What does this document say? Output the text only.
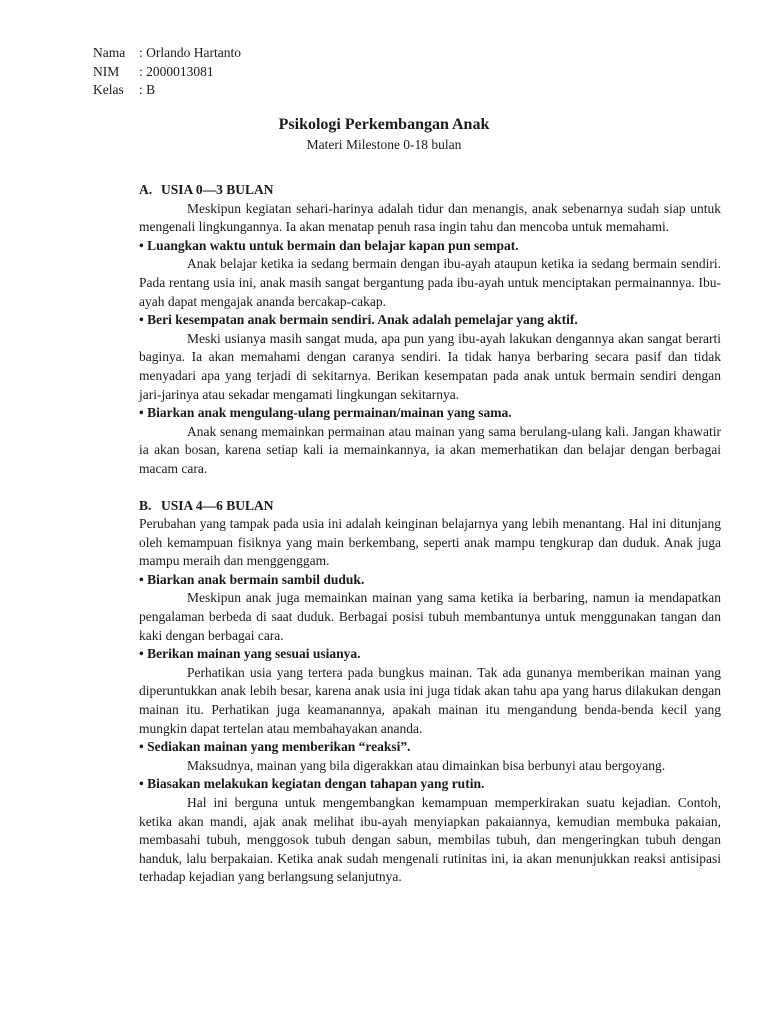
Nama	: Orlando Hartanto
NIM	: 2000013081
Kelas	: B
Psikologi Perkembangan Anak
Materi Milestone 0-18 bulan

A. USIA 0—3 BULAN

Meskipun kegiatan sehari-harinya adalah tidur dan menangis, anak sebenarnya sudah siap untuk mengenali lingkungannya. Ia akan menatap penuh rasa ingin tahu dan mencoba untuk memahami.

• Luangkan waktu untuk bermain dan belajar kapan pun sempat.

Anak belajar ketika ia sedang bermain dengan ibu-ayah ataupun ketika ia sedang bermain sendiri. Pada rentang usia ini, anak masih sangat bergantung pada ibu-ayah untuk menciptakan permainannya. Ibu-ayah dapat mengajak ananda bercakap-cakap.

• Beri kesempatan anak bermain sendiri. Anak adalah pemelajar yang aktif.

Meski usianya masih sangat muda, apa pun yang ibu-ayah lakukan dengannya akan sangat berarti baginya. Ia akan memahami dengan caranya sendiri. Ia tidak hanya berbaring secara pasif dan tidak menyadari apa yang terjadi di sekitarnya. Berikan kesempatan pada anak untuk bermain sendiri dengan jari-jarinya atau sekadar mengamati lingkungan sekitarnya.

• Biarkan anak mengulang-ulang permainan/mainan yang sama.

Anak senang memainkan permainan atau mainan yang sama berulang-ulang kali. Jangan khawatir ia akan bosan, karena setiap kali ia memainkannya, ia akan memerhatikan dan belajar dengan berbagai macam cara.

B. USIA 4—6 BULAN

Perubahan yang tampak pada usia ini adalah keinginan belajarnya yang lebih menantang. Hal ini ditunjang oleh kemampuan fisiknya yang main berkembang, seperti anak mampu tengkurap dan duduk. Anak juga mampu meraih dan menggenggam.

• Biarkan anak bermain sambil duduk.

Meskipun anak juga memainkan mainan yang sama ketika ia berbaring, namun ia mendapatkan pengalaman berbeda di saat duduk. Berbagai posisi tubuh membantunya untuk menggunakan tangan dan kaki dengan berbagai cara.

• Berikan mainan yang sesuai usianya.

Perhatikan usia yang tertera pada bungkus mainan. Tak ada gunanya memberikan mainan yang diperuntukkan anak lebih besar, karena anak usia ini juga tidak akan tahu apa yang harus dilakukan dengan mainan itu. Perhatikan juga keamanannya, apakah mainan itu mengandung benda-benda kecil yang mungkin dapat tertelan atau membahayakan ananda.

• Sediakan mainan yang memberikan “reaksi”.

Maksudnya, mainan yang bila digerakkan atau dimainkan bisa berbunyi atau bergoyang.

• Biasakan melakukan kegiatan dengan tahapan yang rutin.

Hal ini berguna untuk mengembangkan kemampuan memperkirakan suatu kejadian. Contoh, ketika akan mandi, ajak anak melihat ibu-ayah menyiapkan pakaiannya, kemudian membuka pakaian, membasahi tubuh, menggosok tubuh dengan sabun, membilas tubuh, dan mengeringkan tubuh dengan handuk, lalu berpakaian. Ketika anak sudah mengenali rutinitas ini, ia akan menunjukkan reaksi antisipasi terhadap kejadian yang berlangsung selanjutnya.
